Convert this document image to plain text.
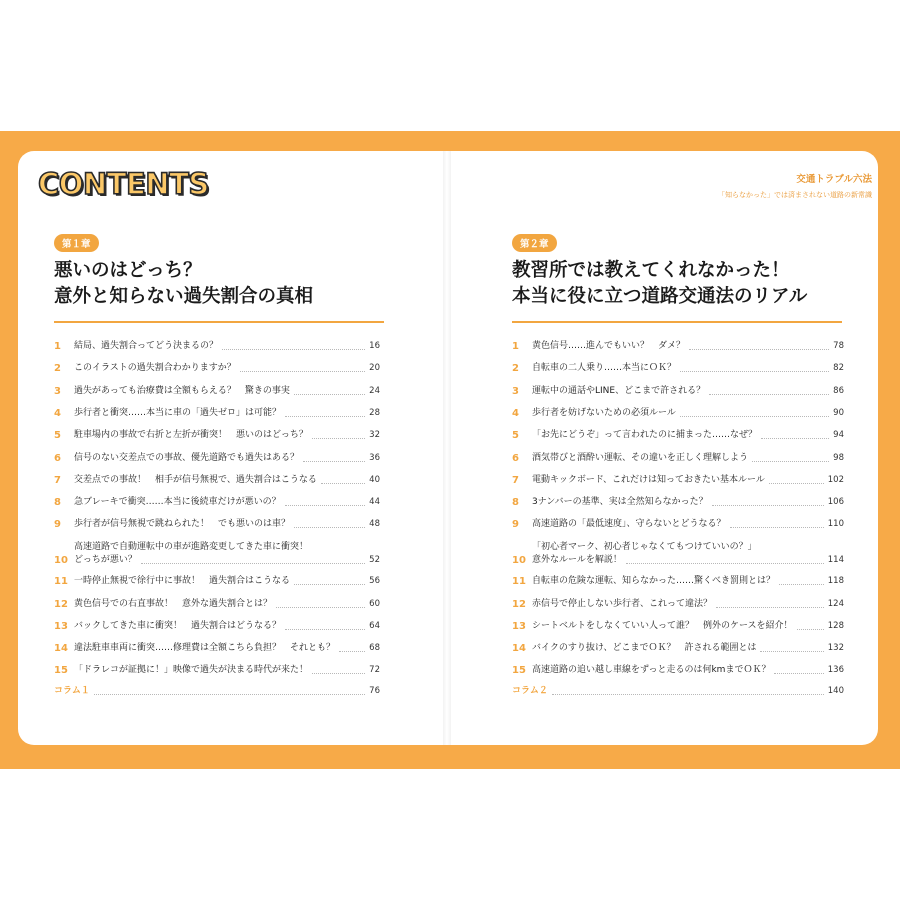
CONTENTS	交通トラブル六法
「知らなかった」では済まされない道路の新常識
第１章
悪いのはどっち？
意外と知らない過失割合の真相
第２章
教習所では教えてくれなかった！
本当に役に立つ道路交通法のリアル
1	結局、過失割合ってどう決まるの？	16
2	このイラストの過失割合わかりますか？	20
3	過失があっても治療費は全額もらえる？　驚きの事実	24
4	歩行者と衝突……本当に車の「過失ゼロ」は可能？	28
5	駐車場内の事故で右折と左折が衝突！　悪いのはどっち？	32
6	信号のない交差点での事故、優先道路でも過失はある？	36
7	交差点での事故！　相手が信号無視で、過失割合はこうなる	40
8	急ブレーキで衝突……本当に後続車だけが悪いの？	44
9	歩行者が信号無視で跳ねられた！　でも悪いのは車？	48
10
高速道路で自動運転中の車が進路変更してきた車に衝突！
どっちが悪い？	52
11 一時停止無視で徐行中に事故！　過失割合はこうなる	56
12 黄色信号での右直事故！　意外な過失割合とは？	60
13 バックしてきた車に衝突！　過失割合はどうなる？	64
14 違法駐車車両に衝突……修理費は全額こちら負担？　それとも？	68
15 「ドラレコが証拠に！」映像で過失が決まる時代が来た！	72
コラム１	76
1	黄色信号……進んでもいい？　ダメ？	78
2	自転車の二人乗り……本当にＯＫ？	82
3	運転中の通話やLINE、どこまで許される？	86
4	歩行者を妨げないための必須ルール	90
5	「お先にどうぞ」って言われたのに捕まった……なぜ？	94
6	酒気帯びと酒酔い運転、その違いを正しく理解しよう	98
7	電動キックボード、これだけは知っておきたい基本ルール	102
8	3ナンバーの基準、実は全然知らなかった？	106
9	高速道路の「最低速度」、守らないとどうなる？	110
10
「初心者マーク、初心者じゃなくてもつけていいの？」
意外なルールを解説！	114
11 自転車の危険な運転、知らなかった……驚くべき罰則とは？	118
12 赤信号で停止しない歩行者、これって違法？	124
13 シートベルトをしなくていい人って誰？　例外のケースを紹介！	128
14 バイクのすり抜け、どこまでＯＫ？　許される範囲とは	132
15 高速道路の追い越し車線をずっと走るのは何kmまでＯＫ？	136
コラム２	140
